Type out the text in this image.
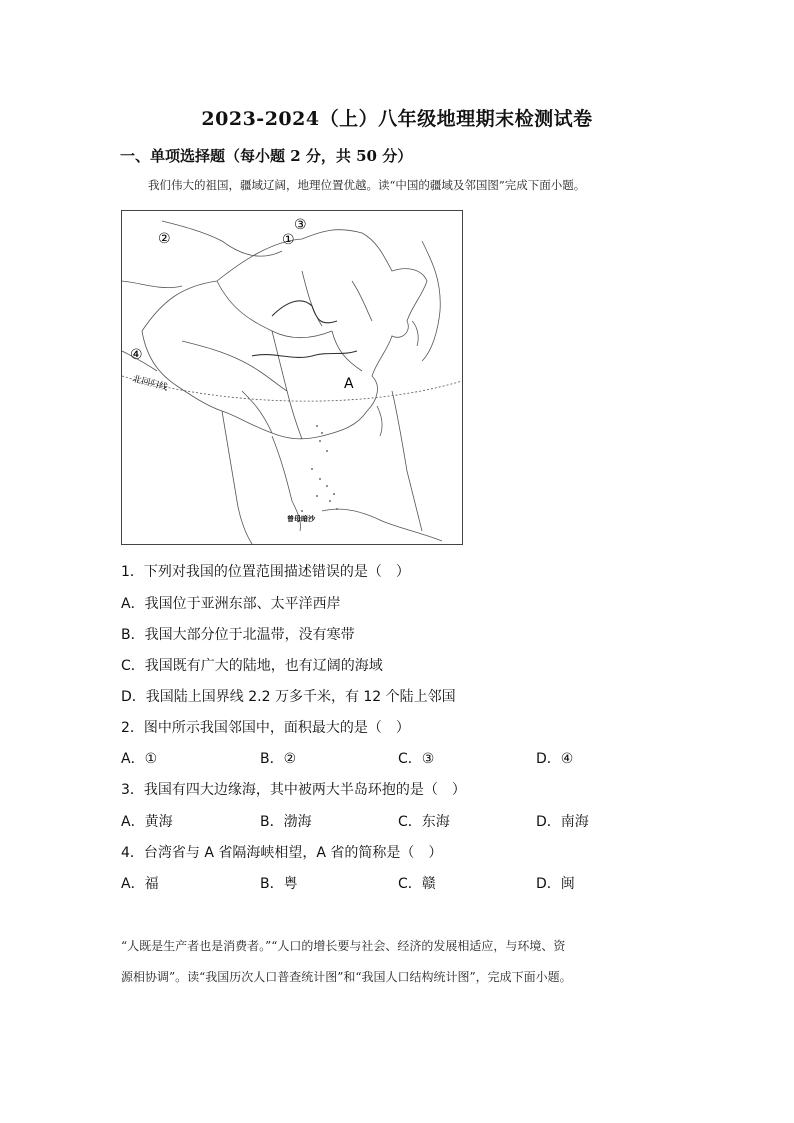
2023-2024（上）八年级地理期末检测试卷
一、单项选择题（每小题 2 分，共 50 分）
我们伟大的祖国，疆域辽阔，地理位置优越。读“中国的疆域及邻国图”完成下面小题。
②
③
①
④
A
北回归线
曾母暗沙
1．下列对我国的位置范围描述错误的是（　）
A．我国位于亚洲东部、太平洋西岸
B．我国大部分位于北温带，没有寒带
C．我国既有广大的陆地，也有辽阔的海域
D．我国陆上国界线 2.2 万多千米，有 12 个陆上邻国
2．图中所示我国邻国中，面积最大的是（　）
A．①	B．②	C．③	D．④
3．我国有四大边缘海，其中被两大半岛环抱的是（　）
A．黄海	B．渤海	C．东海	D．南海
4．台湾省与 A 省隔海峡相望，A 省的简称是（　）
A．福	B．粤	C．赣	D．闽
“人既是生产者也是消费者。”“人口的增长要与社会、经济的发展相适应，与环境、资
源相协调”。读“我国历次人口普查统计图”和“我国人口结构统计图”，完成下面小题。
